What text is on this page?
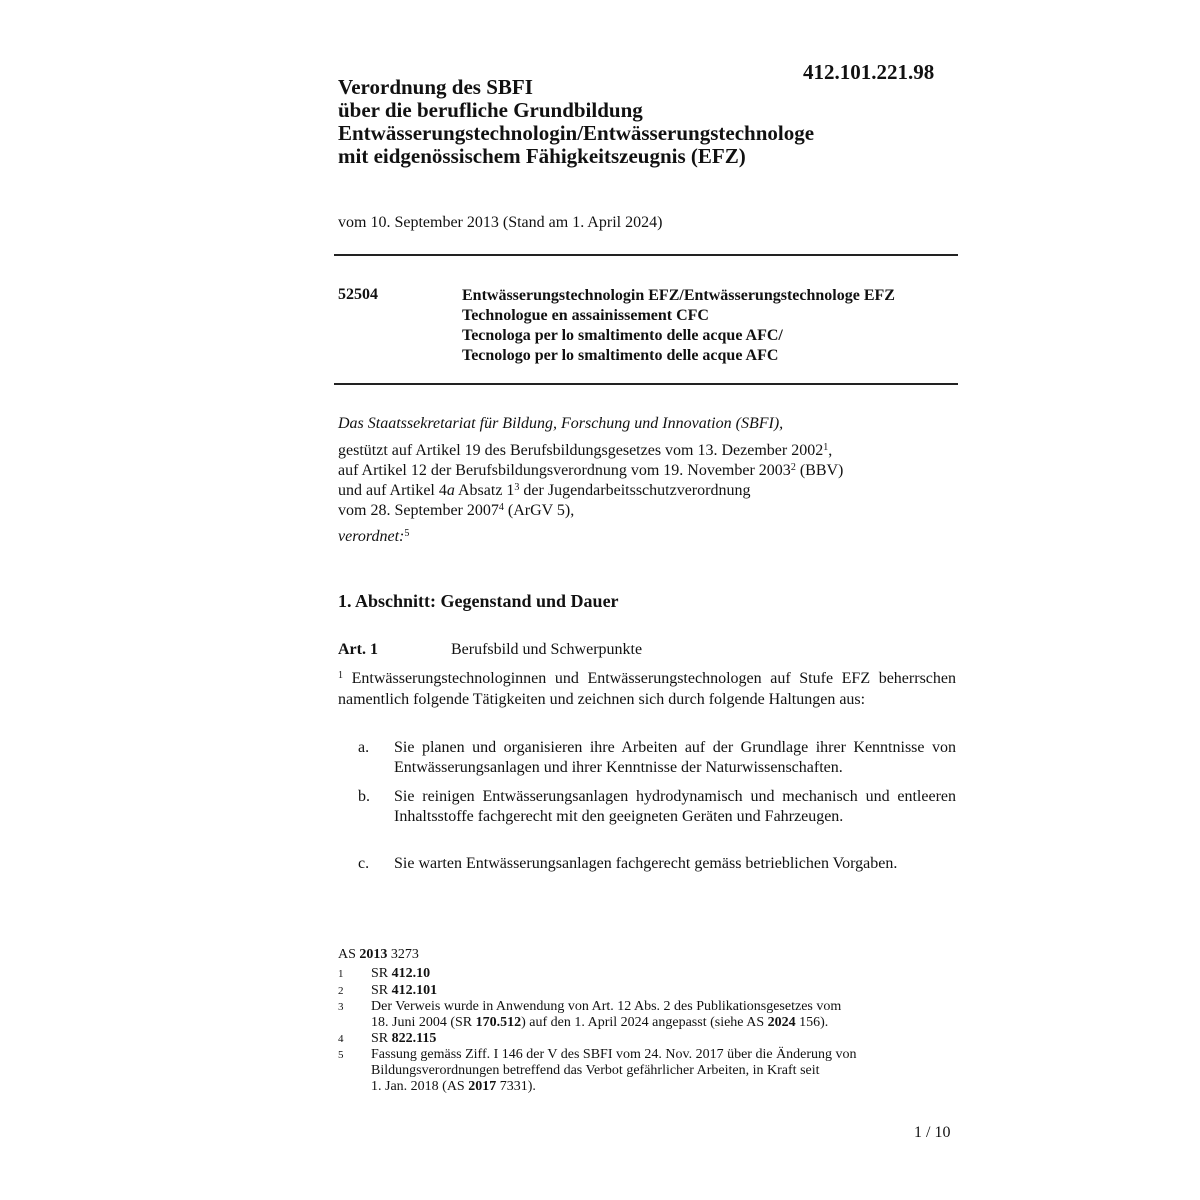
412.101.221.98
Verordnung des SBFI
über die berufliche Grundbildung
Entwässerungstechnologin/Entwässerungstechnologe
mit eidgenössischem Fähigkeitszeugnis (EFZ)
vom 10. September 2013 (Stand am 1. April 2024)
52504	Entwässerungstechnologin EFZ/Entwässerungstechnologe EFZ
Technologue en assainissement CFC
Tecnologa per lo smaltimento delle acque AFC/
Tecnologo per lo smaltimento delle acque AFC
Das Staatssekretariat für Bildung, Forschung und Innovation (SBFI),
gestützt auf Artikel 19 des Berufsbildungsgesetzes vom 13. Dezember 2002$^1$,
auf Artikel 12 der Berufsbildungsverordnung vom 19. November 2003$^2$ (BBV)
und auf Artikel 4a Absatz $1^3$ der Jugendarbeitsschutzverordnung
vom 28. September 2007$^4$ (ArGV 5),
verordnet:$^5$
1. Abschnitt: Gegenstand und Dauer
Art. 1	Berufsbild und Schwerpunkte
$^1$ Entwässerungstechnologinnen und Entwässerungstechnologen auf Stufe EFZ beherrschen namentlich folgende Tätigkeiten und zeichnen sich durch folgende Haltungen aus:
a. Sie planen und organisieren ihre Arbeiten auf der Grundlage ihrer Kenntnisse von Entwässerungsanlagen und ihrer Kenntnisse der Naturwissenschaften.
b. Sie reinigen Entwässerungsanlagen hydrodynamisch und mechanisch und entleeren Inhaltsstoffe fachgerecht mit den geeigneten Geräten und Fahrzeugen.
c. Sie warten Entwässerungsanlagen fachgerecht gemäss betrieblichen Vorgaben.
AS 2013 3273
1 SR 412.10
2 SR 412.101
3 Der Verweis wurde in Anwendung von Art. 12 Abs. 2 des Publikationsgesetzes vom
18. Juni 2004 (SR 170.512) auf den 1. April 2024 angepasst (siehe AS 2024 156).
4 SR 822.115
5 Fassung gemäss Ziff. I 146 der V des SBFI vom 24. Nov. 2017 über die Änderung von
Bildungsverordnungen betreffend das Verbot gefährlicher Arbeiten, in Kraft seit
1. Jan. 2018 (AS 2017 7331).
1 / 10
